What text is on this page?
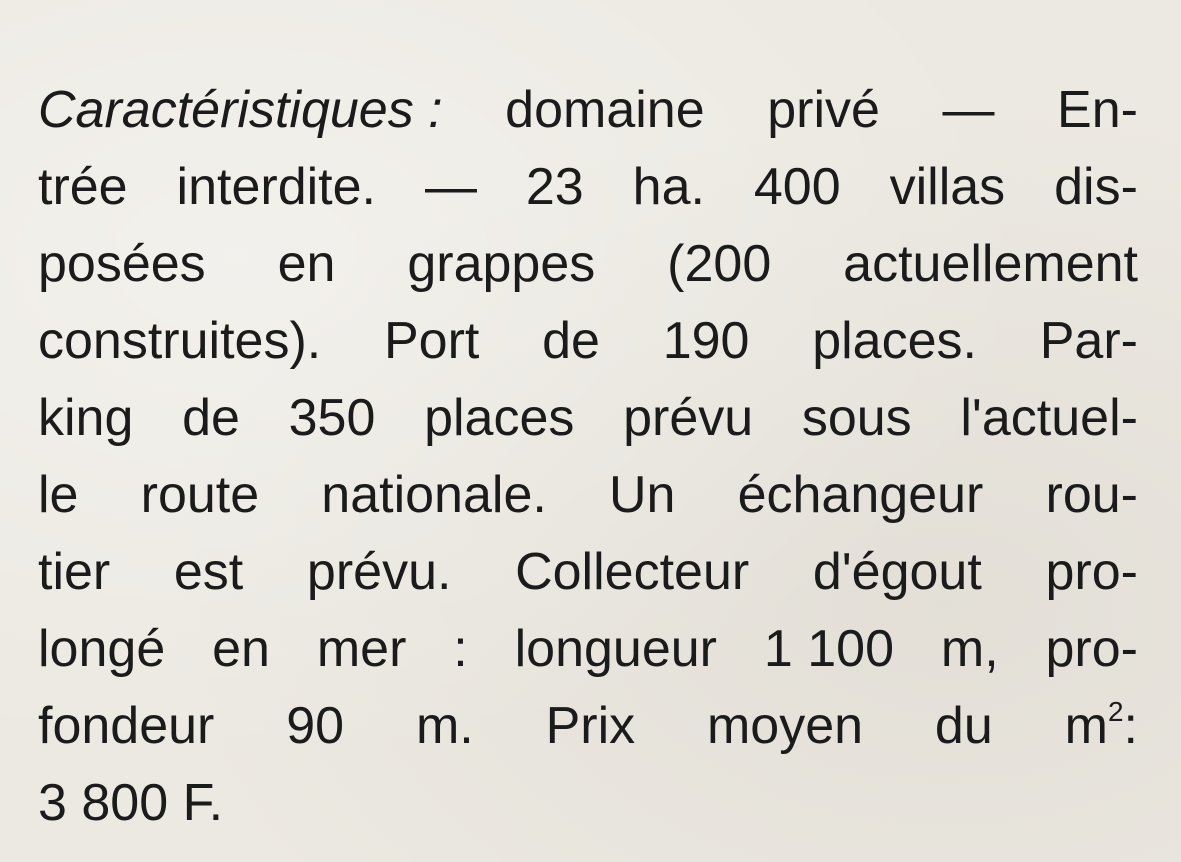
Caractéristiques : domaine privé — En-
trée interdite. — 23 ha. 400 villas dis-
posées en grappes (200 actuellement
construites). Port de 190 places. Par-
king de 350 places prévu sous l'actuel-
le route nationale. Un échangeur rou-
tier est prévu. Collecteur d'égout pro-
longé en mer : longueur 1 100 m, pro-
fondeur 90 m. Prix moyen du $m^2$:
3 800 F.
